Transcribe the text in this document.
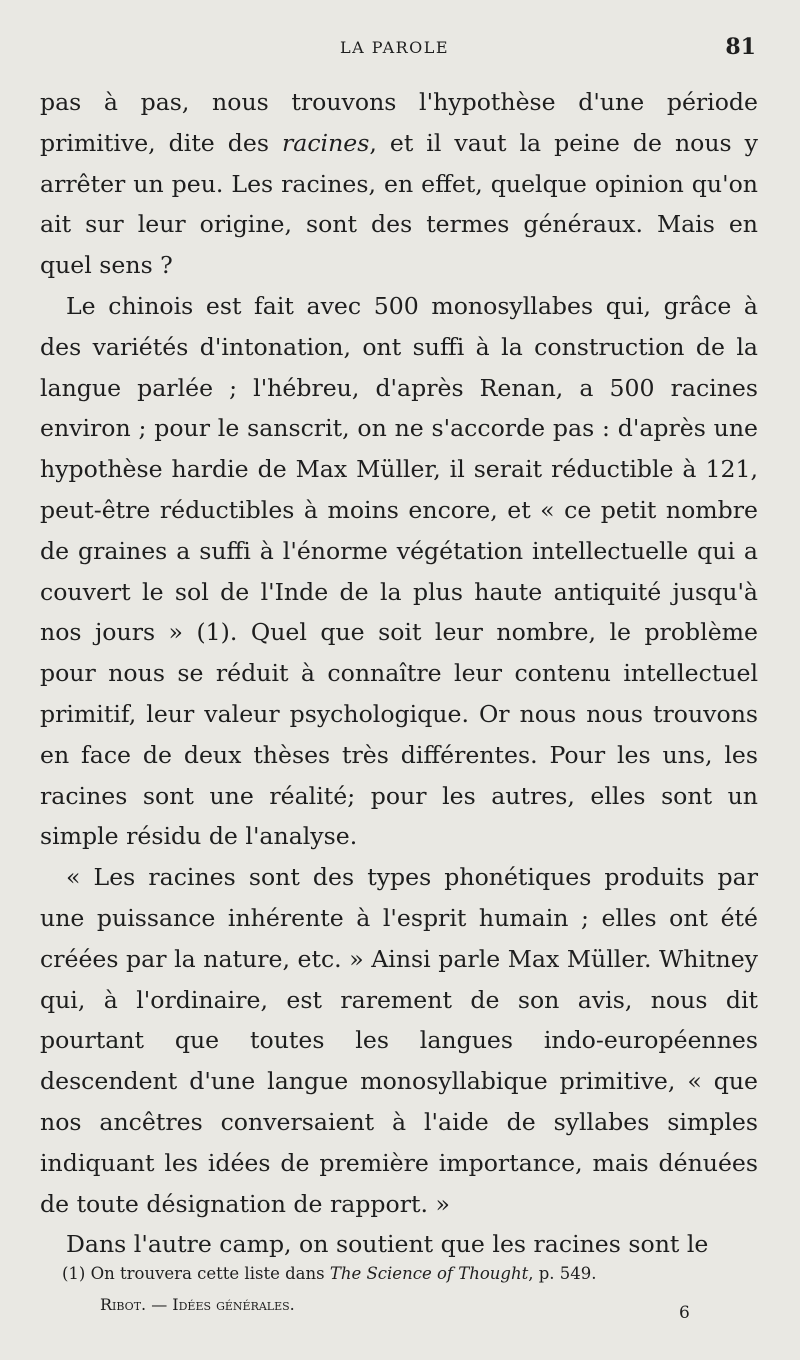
LA PAROLE	81

pas à pas, nous trouvons l'hypothèse d'une période primitive, dite des racines, et il vaut la peine de nous y arrêter un peu. Les racines, en effet, quelque opinion qu'on ait sur leur origine, sont des termes généraux. Mais en quel sens ?

Le chinois est fait avec 500 monosyllabes qui, grâce à des variétés d'intonation, ont suffi à la construction de la langue parlée ; l'hébreu, d'après Renan, a 500 racines environ ; pour le sanscrit, on ne s'accorde pas : d'après une hypothèse hardie de Max Müller, il serait réductible à 121, peut-être réductibles à moins encore, et « ce petit nombre de graines a suffi à l'énorme végétation intellectuelle qui a couvert le sol de l'Inde de la plus haute antiquité jusqu'à nos jours » (1). Quel que soit leur nombre, le problème pour nous se réduit à connaître leur contenu intellectuel primitif, leur valeur psychologique. Or nous nous trouvons en face de deux thèses très différentes. Pour les uns, les racines sont une réalité; pour les autres, elles sont un simple résidu de l'analyse.

« Les racines sont des types phonétiques produits par une puissance inhérente à l'esprit humain ; elles ont été créées par la nature, etc. » Ainsi parle Max Müller. Whitney qui, à l'ordinaire, est rarement de son avis, nous dit pourtant que toutes les langues indo-européennes descendent d'une langue monosyllabique primitive, « que nos ancêtres conversaient à l'aide de syllabes simples indiquant les idées de première importance, mais dénuées de toute désignation de rapport. »

Dans l'autre camp, on soutient que les racines sont le

(1) On trouvera cette liste dans The Science of Thought, p. 549.
Ribot. — Idées générales.	6
